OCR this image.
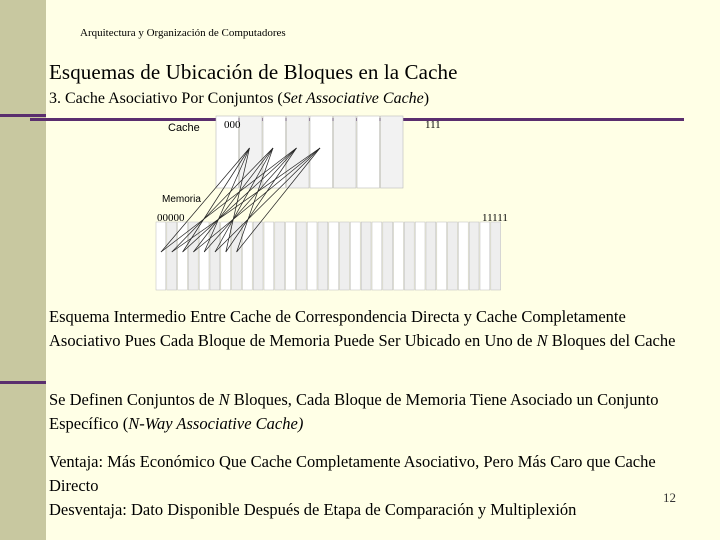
Arquitectura y Organización de Computadores
Esquemas de Ubicación de Bloques en la Cache
3. Cache Asociativo Por Conjuntos (Set Associative Cache)
Cache 000	111
Memoria
00000	11111
Esquema Intermedio Entre Cache de Correspondencia Directa y Cache Completamente Asociativo Pues Cada Bloque de Memoria Puede Ser Ubicado en Uno de N Bloques del Cache
Se Definen Conjuntos de N Bloques, Cada Bloque de Memoria Tiene Asociado un Conjunto Específico (N-Way Associative Cache)
Ventaja: Más Económico Que Cache Completamente Asociativo, Pero Más Caro que Cache Directo
Desventaja: Dato Disponible Después de Etapa de Comparación y Multiplexión
12
